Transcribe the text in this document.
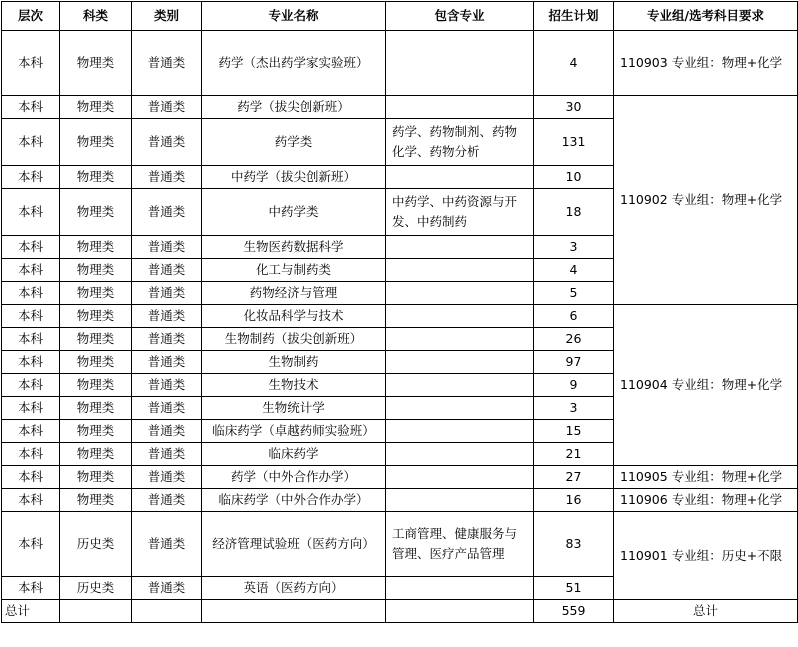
层次	科类	类别	专业名称	包含专业	招生计划	专业组/选考科目要求
本科	物理类	普通类	药学（杰出药学家实验班）		4	110903 专业组：物理+化学
本科	物理类	普通类	药学（拔尖创新班）		30	110902 专业组：物理+化学
本科	物理类	普通类	药学类	药学、药物制剂、药物化学、药物分析	131	
本科	物理类	普通类	中药学（拔尖创新班）		10	
本科	物理类	普通类	中药学类	中药学、中药资源与开发、中药制药	18	
本科	物理类	普通类	生物医药数据科学		3	
本科	物理类	普通类	化工与制药类		4	
本科	物理类	普通类	药物经济与管理		5	
本科	物理类	普通类	化妆品科学与技术		6	110904 专业组：物理+化学
本科	物理类	普通类	生物制药（拔尖创新班）		26	
本科	物理类	普通类	生物制药		97	
本科	物理类	普通类	生物技术		9	
本科	物理类	普通类	生物统计学		3	
本科	物理类	普通类	临床药学（卓越药师实验班）		15	
本科	物理类	普通类	临床药学		21	
本科	物理类	普通类	药学（中外合作办学）		27	110905 专业组：物理+化学
本科	物理类	普通类	临床药学（中外合作办学）		16	110906 专业组：物理+化学
本科	历史类	普通类	经济管理试验班（医药方向）	工商管理、健康服务与管理、医疗产品管理	83	110901 专业组：历史+不限
本科	历史类	普通类	英语（医药方向）		51	
总计					559	总计
